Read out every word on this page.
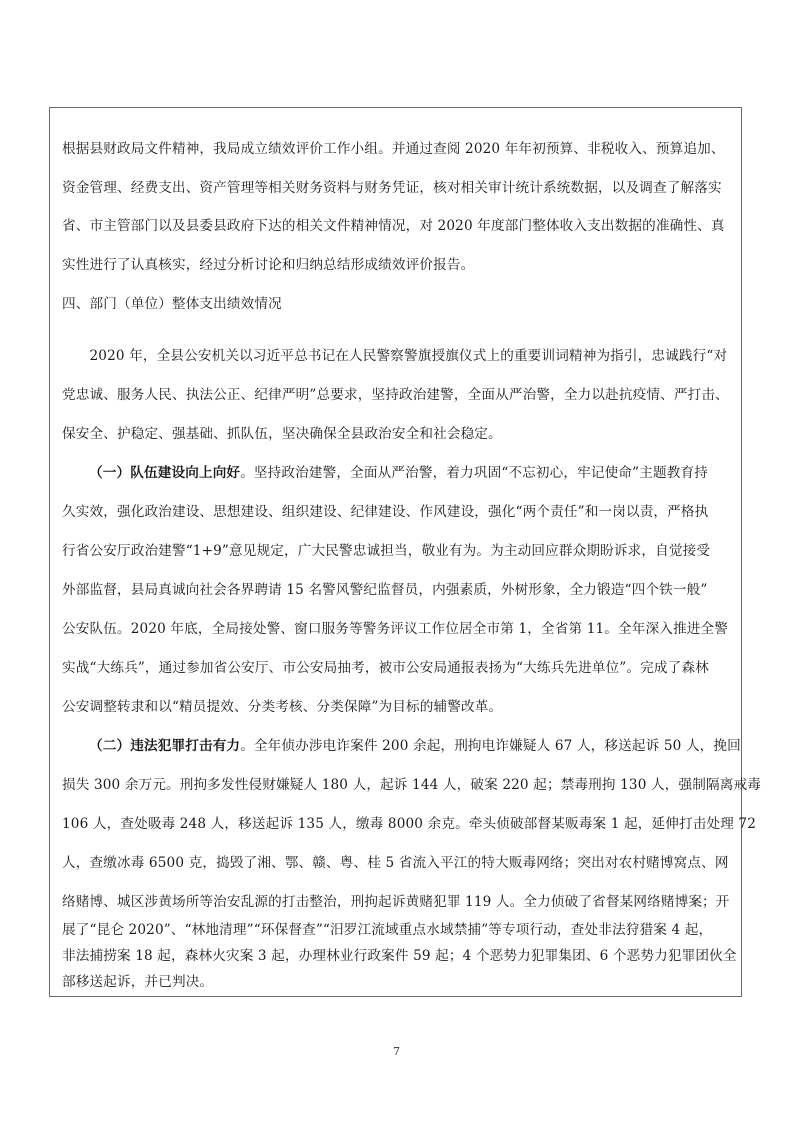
根据县财政局文件精神，我局成立绩效评价工作小组。并通过查阅 2020 年年初预算、非税收入、预算追加、
资金管理、经费支出、资产管理等相关财务资料与财务凭证，核对相关审计统计系统数据，以及调查了解落实
省、市主管部门以及县委县政府下达的相关文件精神情况，对 2020 年度部门整体收入支出数据的准确性、真
实性进行了认真核实，经过分析讨论和归纳总结形成绩效评价报告。
四、部门（单位）整体支出绩效情况
　　2020 年，全县公安机关以习近平总书记在人民警察警旗授旗仪式上的重要训词精神为指引，忠诚践行“对
党忠诚、服务人民、执法公正、纪律严明”总要求，坚持政治建警，全面从严治警，全力以赴抗疫情、严打击、
保安全、护稳定、强基础、抓队伍，坚决确保全县政治安全和社会稳定。
（一）队伍建设向上向好。坚持政治建警，全面从严治警，着力巩固“不忘初心，牢记使命”主题教育持
久实效，强化政治建设、思想建设、组织建设、纪律建设、作风建设，强化“两个责任”和一岗以责，严格执
行省公安厅政治建警“1+9”意见规定，广大民警忠诚担当，敬业有为。为主动回应群众期盼诉求，自觉接受
外部监督，县局真诚向社会各界聘请 15 名警风警纪监督员，内强素质，外树形象，全力锻造“四个铁一般”
公安队伍。2020 年底，全局接处警、窗口服务等警务评议工作位居全市第 1，全省第 11。全年深入推进全警
实战“大练兵”，通过参加省公安厅、市公安局抽考，被市公安局通报表扬为“大练兵先进单位”。完成了森林
公安调整转隶和以“精员提效、分类考核、分类保障”为目标的辅警改革。
（二）违法犯罪打击有力。全年侦办涉电诈案件 200 余起，刑拘电诈嫌疑人 67 人，移送起诉 50 人，挽回
损失 300 余万元。刑拘多发性侵财嫌疑人 180 人，起诉 144 人，破案 220 起；禁毒刑拘 130 人，强制隔离戒毒
106 人，查处吸毒 248 人，移送起诉 135 人，缴毒 8000 余克。牵头侦破部督某贩毒案 1 起，延伸打击处理 72
人，查缴冰毒 6500 克，捣毁了湘、鄂、赣、粤、桂 5 省流入平江的特大贩毒网络；突出对农村赌博窝点、网
络赌博、城区涉黄场所等治安乱源的打击整治，刑拘起诉黄赌犯罪 119 人。全力侦破了省督某网络赌博案；开
展了“昆仑 2020”、“林地清理”“环保督查”“汨罗江流域重点水域禁捕”等专项行动，查处非法狩猎案 4 起，
非法捕捞案 18 起，森林火灾案 3 起，办理林业行政案件 59 起；4 个恶势力犯罪集团、6 个恶势力犯罪团伙全
部移送起诉，并已判决。
7
